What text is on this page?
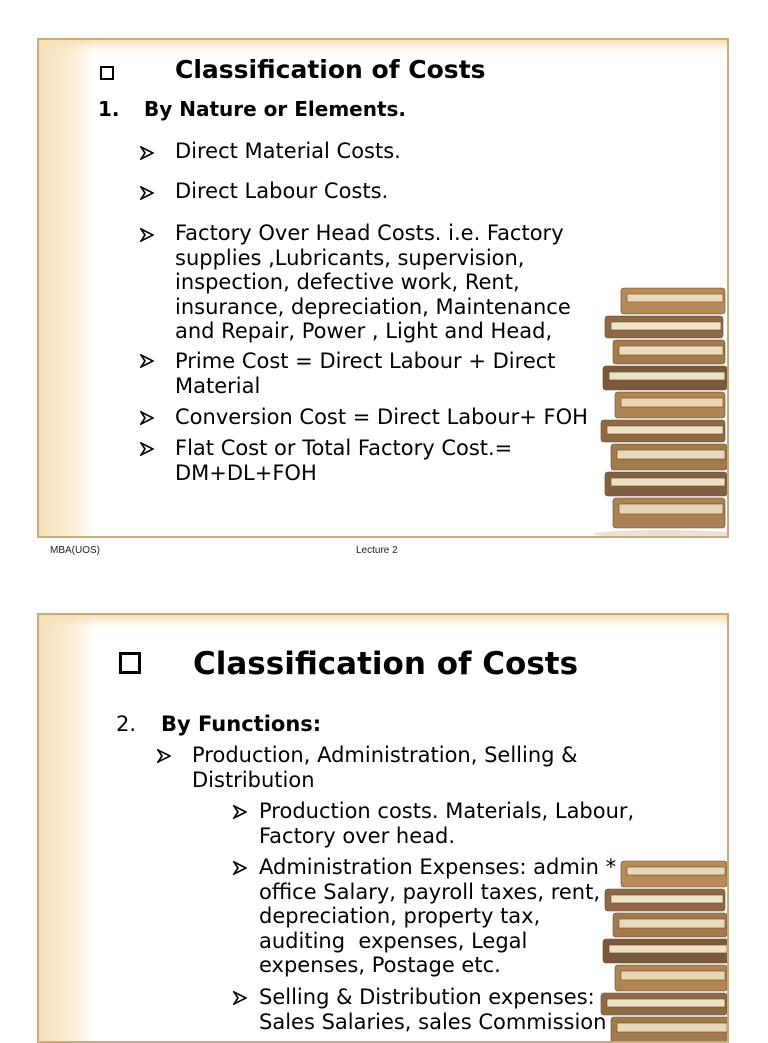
Classification of Costs
1. By Nature or Elements.
Direct Material Costs.
Direct Labour Costs.
Factory Over Head Costs. i.e. Factory
supplies ,Lubricants, supervision,
inspection, defective work, Rent,
insurance, depreciation, Maintenance
and Repair, Power , Light and Head,
Prime Cost = Direct Labour + Direct
Material
Conversion Cost = Direct Labour+ FOH
Flat Cost or Total Factory Cost.=
DM+DL+FOH
MBA(UOS)	Lecture 2
Classification of Costs
2. By Functions:
Production, Administration, Selling &
Distribution
Production costs. Materials, Labour,
Factory over head.
Administration Expenses: admin *
office Salary, payroll taxes, rent,
depreciation, property tax,
auditing  expenses, Legal
expenses, Postage etc.
Selling & Distribution expenses:
Sales Salaries, sales Commission
